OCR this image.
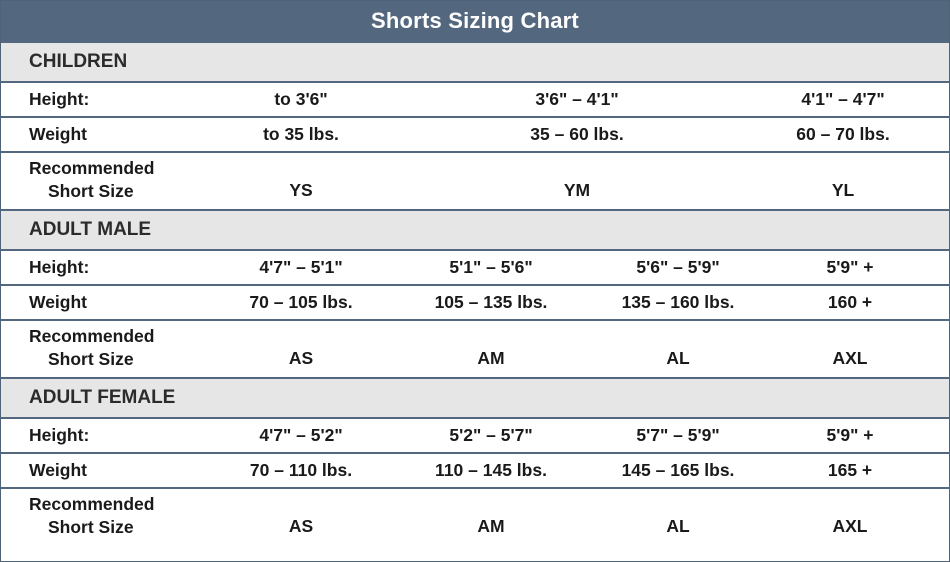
Shorts Sizing Chart
CHILDREN
Height:	to 3'6"	3'6" – 4'1"	4'1" – 4'7"
Weight	to 35 lbs.	35 – 60 lbs.	60 – 70 lbs.
Recommended
Short Size	YS	YM	YL
ADULT MALE
Height:	4'7" – 5'1"	5'1" – 5'6"	5'6" – 5'9"	5'9" +
Weight	70 – 105 lbs.	105 – 135 lbs.	135 – 160 lbs.	160 +
Recommended
Short Size	AS	AM	AL	AXL
ADULT FEMALE
Height:	4'7" – 5'2"	5'2" – 5'7"	5'7" – 5'9"	5'9" +
Weight	70 – 110 lbs.	110 – 145 lbs.	145 – 165 lbs.	165 +
Recommended
Short Size	AS	AM	AL	AXL
